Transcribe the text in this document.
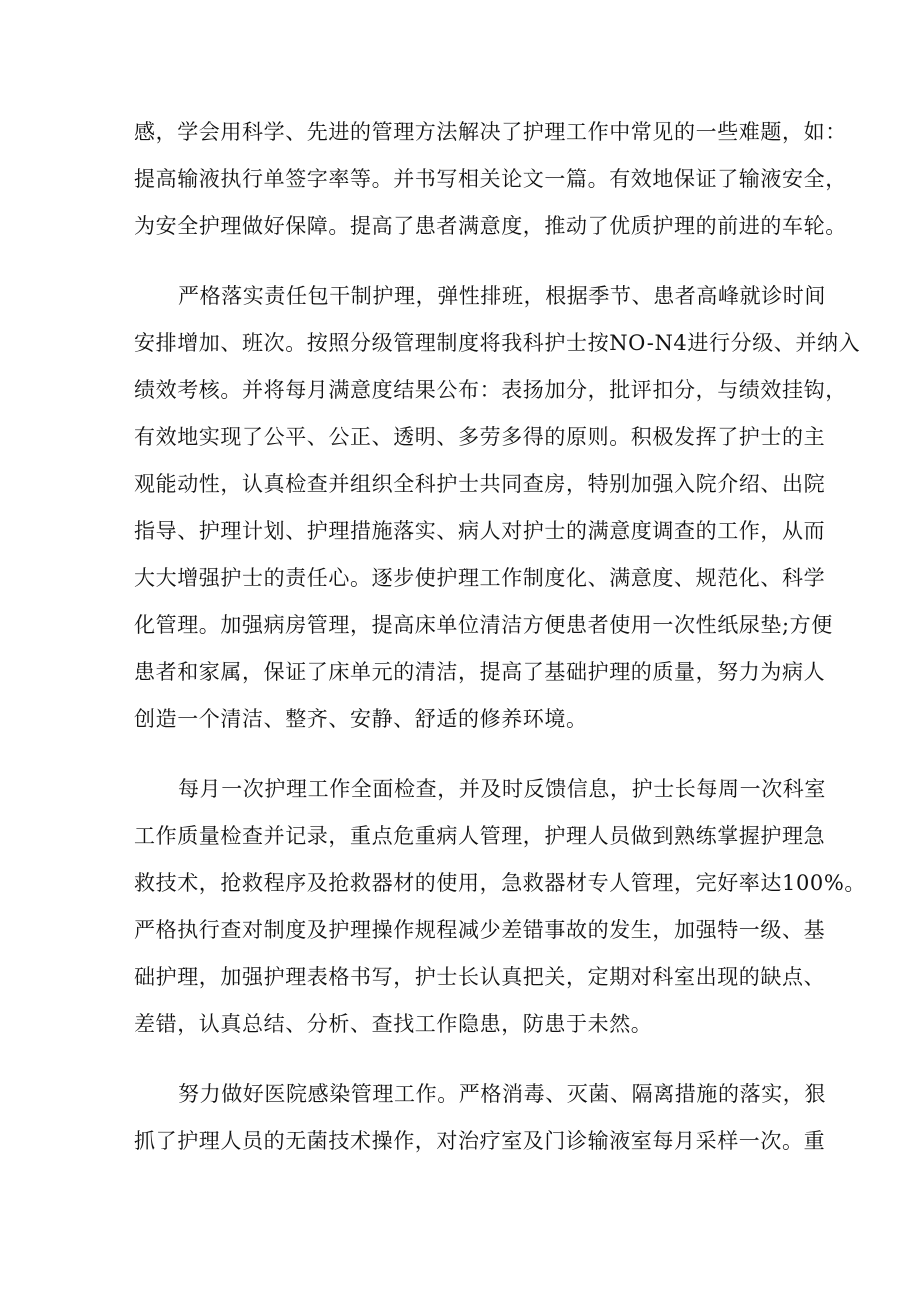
感，学会用科学、先进的管理方法解决了护理工作中常见的一些难题，如：
提高输液执行单签字率等。并书写相关论文一篇。有效地保证了输液安全，
为安全护理做好保障。提高了患者满意度，推动了优质护理的前进的车轮。
严格落实责任包干制护理，弹性排班，根据季节、患者高峰就诊时间
安排增加、班次。按照分级管理制度将我科护士按NO-N4进行分级、并纳入
绩效考核。并将每月满意度结果公布：表扬加分，批评扣分，与绩效挂钩，
有效地实现了公平、公正、透明、多劳多得的原则。积极发挥了护士的主
观能动性，认真检查并组织全科护士共同查房，特别加强入院介绍、出院
指导、护理计划、护理措施落实、病人对护士的满意度调查的工作，从而
大大增强护士的责任心。逐步使护理工作制度化、满意度、规范化、科学
化管理。加强病房管理，提高床单位清洁方便患者使用一次性纸尿垫;方便
患者和家属，保证了床单元的清洁，提高了基础护理的质量，努力为病人
创造一个清洁、整齐、安静、舒适的修养环境。
每月一次护理工作全面检查，并及时反馈信息，护士长每周一次科室
工作质量检查并记录，重点危重病人管理，护理人员做到熟练掌握护理急
救技术，抢救程序及抢救器材的使用，急救器材专人管理，完好率达100%。
严格执行查对制度及护理操作规程减少差错事故的发生，加强特一级、基
础护理，加强护理表格书写，护士长认真把关，定期对科室出现的缺点、
差错，认真总结、分析、查找工作隐患，防患于未然。
努力做好医院感染管理工作。严格消毒、灭菌、隔离措施的落实，狠
抓了护理人员的无菌技术操作，对治疗室及门诊输液室每月采样一次。重
